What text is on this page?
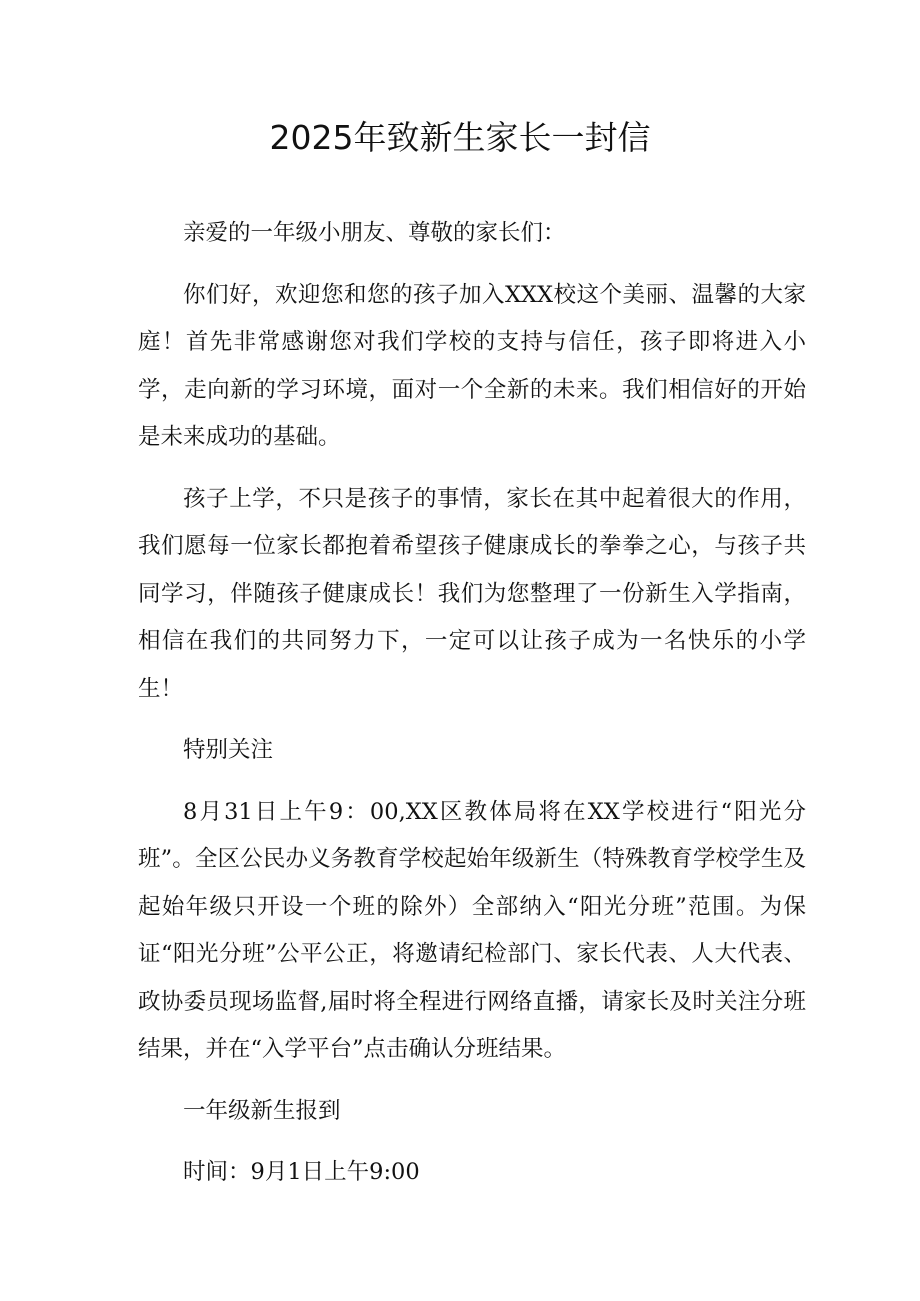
2025年致新生家长一封信

亲爱的一年级小朋友、尊敬的家长们：

你们好，欢迎您和您的孩子加入XXX校这个美丽、温馨的大家庭！首先非常感谢您对我们学校的支持与信任，孩子即将进入小学，走向新的学习环境，面对一个全新的未来。我们相信好的开始是未来成功的基础。

孩子上学，不只是孩子的事情，家长在其中起着很大的作用，我们愿每一位家长都抱着希望孩子健康成长的拳拳之心，与孩子共同学习，伴随孩子健康成长！我们为您整理了一份新生入学指南，相信在我们的共同努力下，一定可以让孩子成为一名快乐的小学生！

特别关注

8月31日上午9：00,XX区教体局将在XX学校进行“阳光分班”。全区公民办义务教育学校起始年级新生（特殊教育学校学生及起始年级只开设一个班的除外）全部纳入“阳光分班”范围。为保证“阳光分班”公平公正，将邀请纪检部门、家长代表、人大代表、政协委员现场监督,届时将全程进行网络直播，请家长及时关注分班结果，并在“入学平台”点击确认分班结果。

一年级新生报到

时间：9月1日上午9:00
